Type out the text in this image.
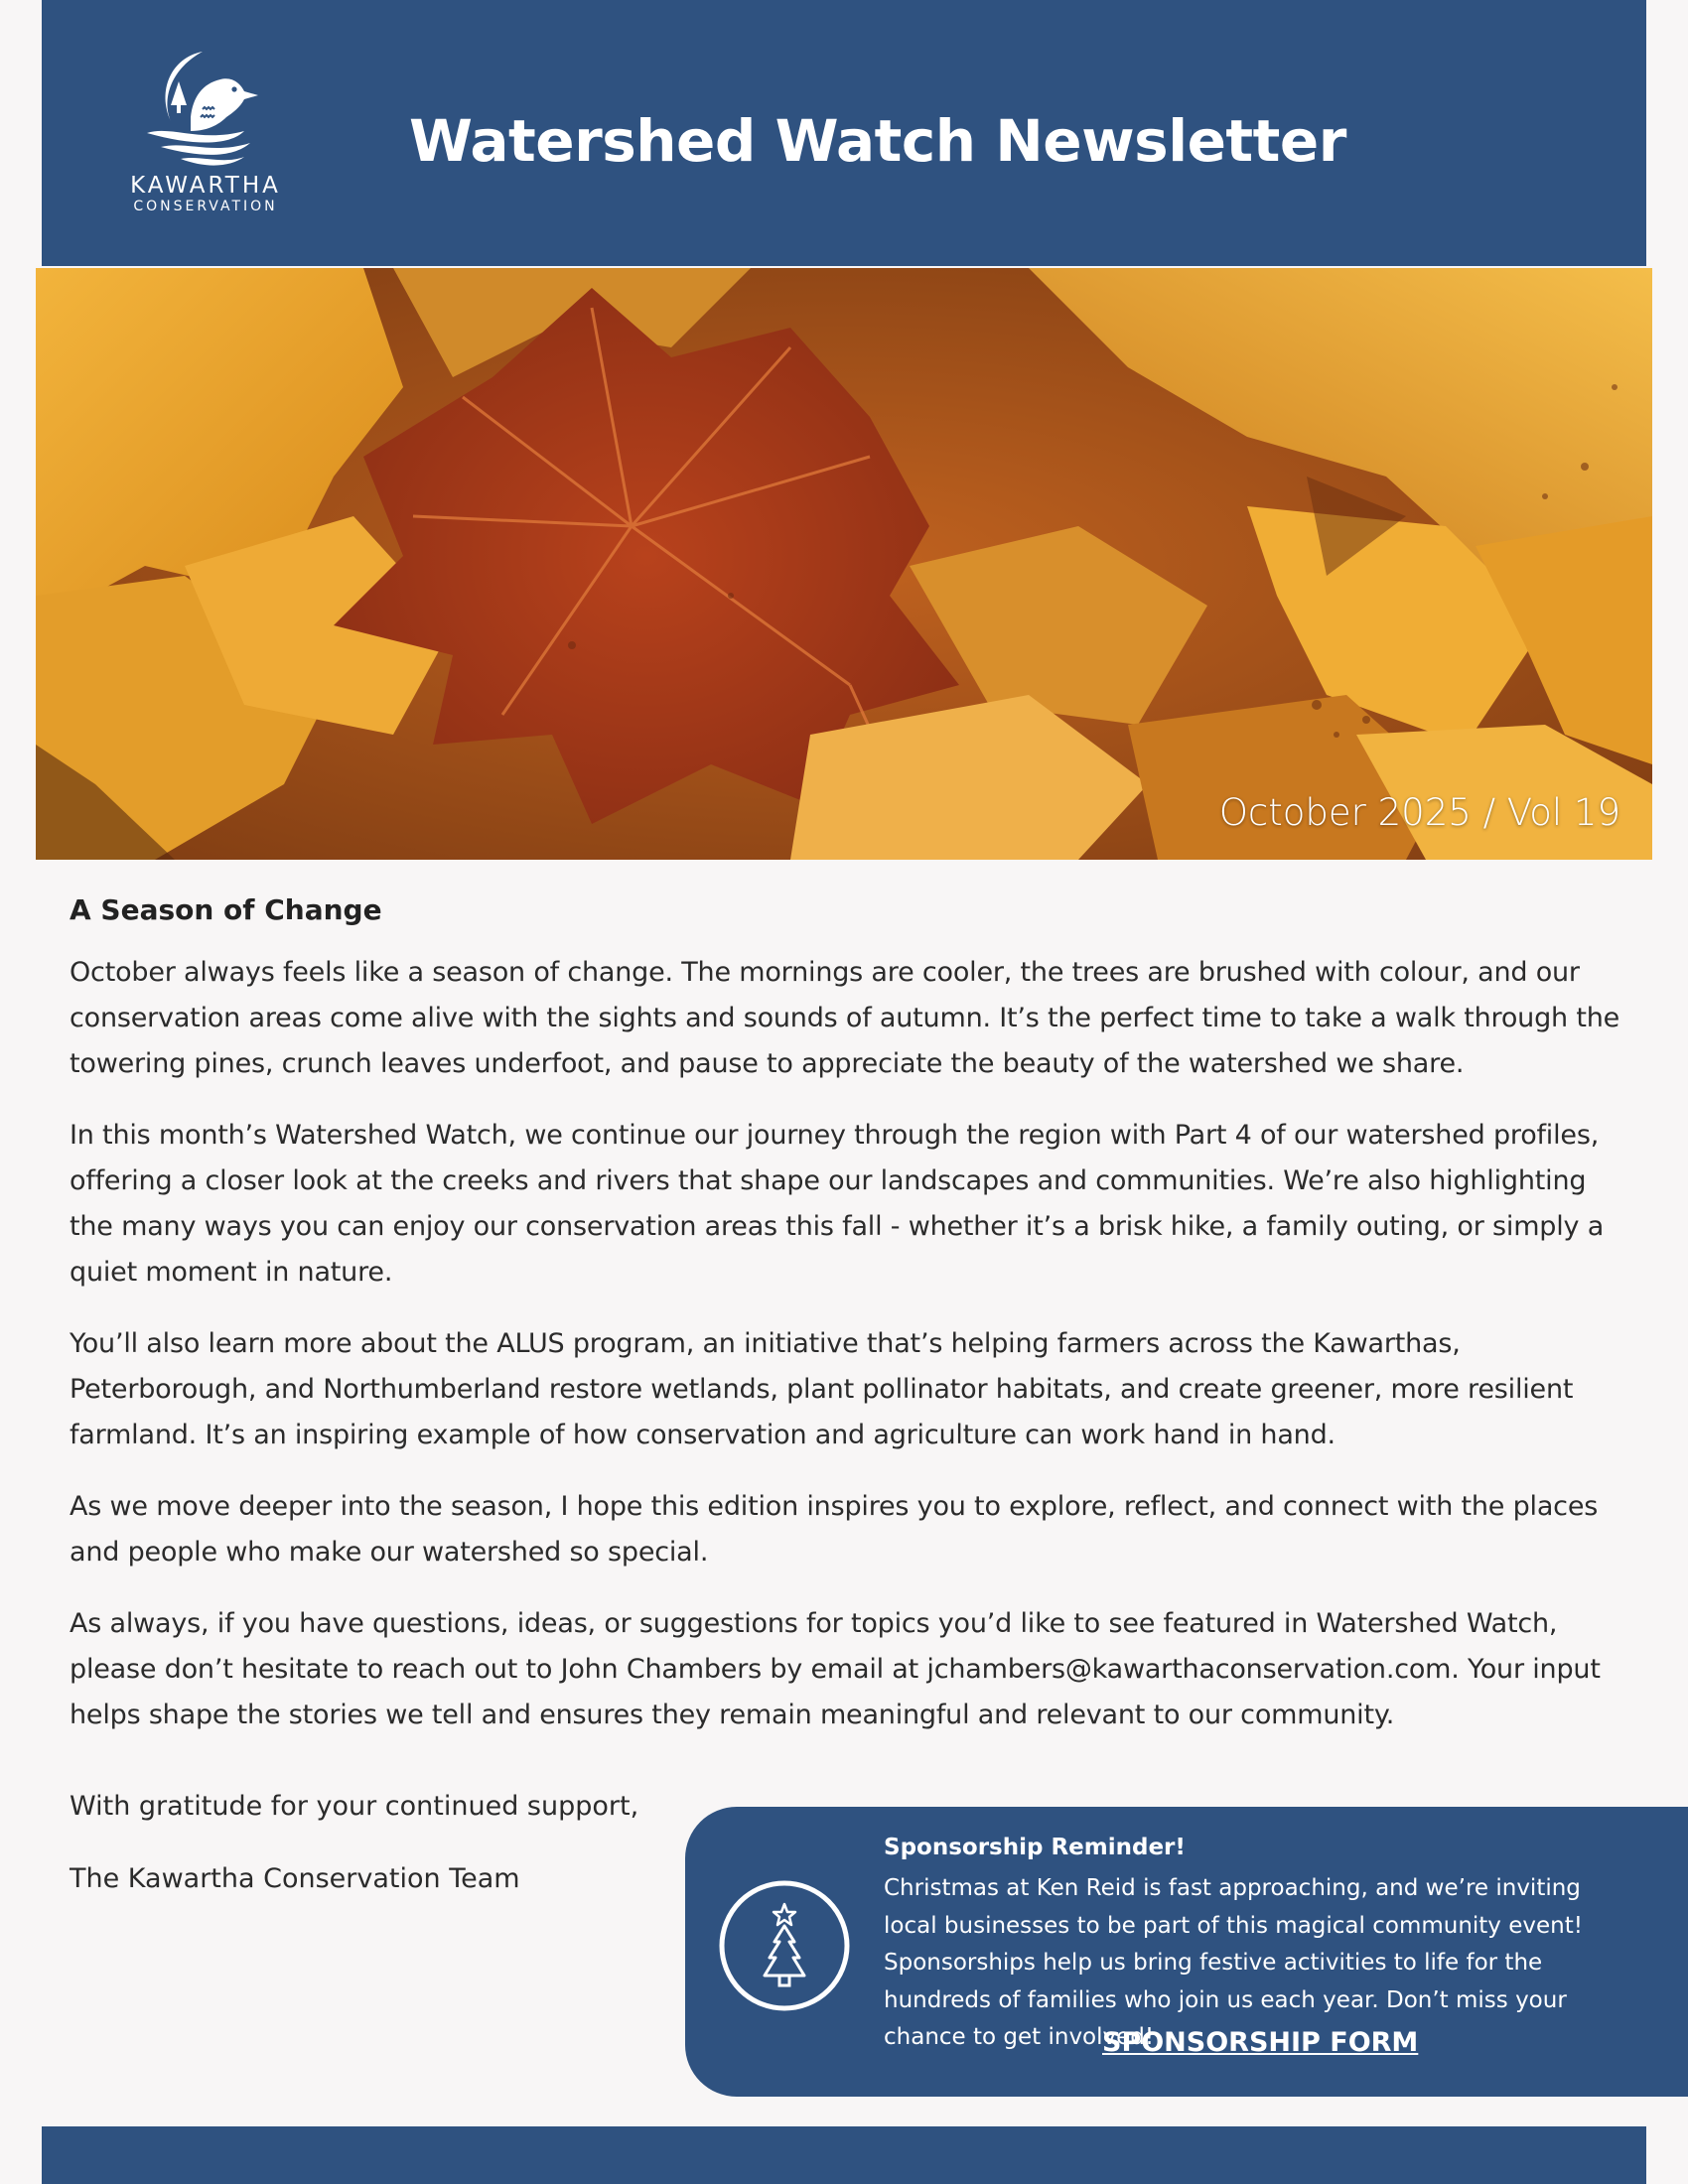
KAWARTHA
CONSERVATION
Watershed Watch Newsletter
October 2025 / Vol 19
A Season of Change

October always feels like a season of change. The mornings are cooler, the trees are brushed with colour, and our conservation areas come alive with the sights and sounds of autumn. It’s the perfect time to take a walk through the towering pines, crunch leaves underfoot, and pause to appreciate the beauty of the watershed we share.

In this month’s Watershed Watch, we continue our journey through the region with Part 4 of our watershed profiles, offering a closer look at the creeks and rivers that shape our landscapes and communities. We’re also highlighting the many ways you can enjoy our conservation areas this fall - whether it’s a brisk hike, a family outing, or simply a quiet moment in nature.

You’ll also learn more about the ALUS program, an initiative that’s helping farmers across the Kawarthas, Peterborough, and Northumberland restore wetlands, plant pollinator habitats, and create greener, more resilient farmland. It’s an inspiring example of how conservation and agriculture can work hand in hand.

As we move deeper into the season, I hope this edition inspires you to explore, reflect, and connect with the places and people who make our watershed so special.

As always, if you have questions, ideas, or suggestions for topics you’d like to see featured in Watershed Watch, please don’t hesitate to reach out to John Chambers by email at jchambers@kawarthaconservation.com. Your input helps shape the stories we tell and ensures they remain meaningful and relevant to our community.

With gratitude for your continued support,

The Kawartha Conservation Team

Sponsorship Reminder!

Christmas at Ken Reid is fast approaching, and we’re inviting local businesses to be part of this magical community event! Sponsorships help us bring festive activities to life for the hundreds of families who join us each year. Don’t miss your chance to get involved!

SPONSORSHIP FORM
